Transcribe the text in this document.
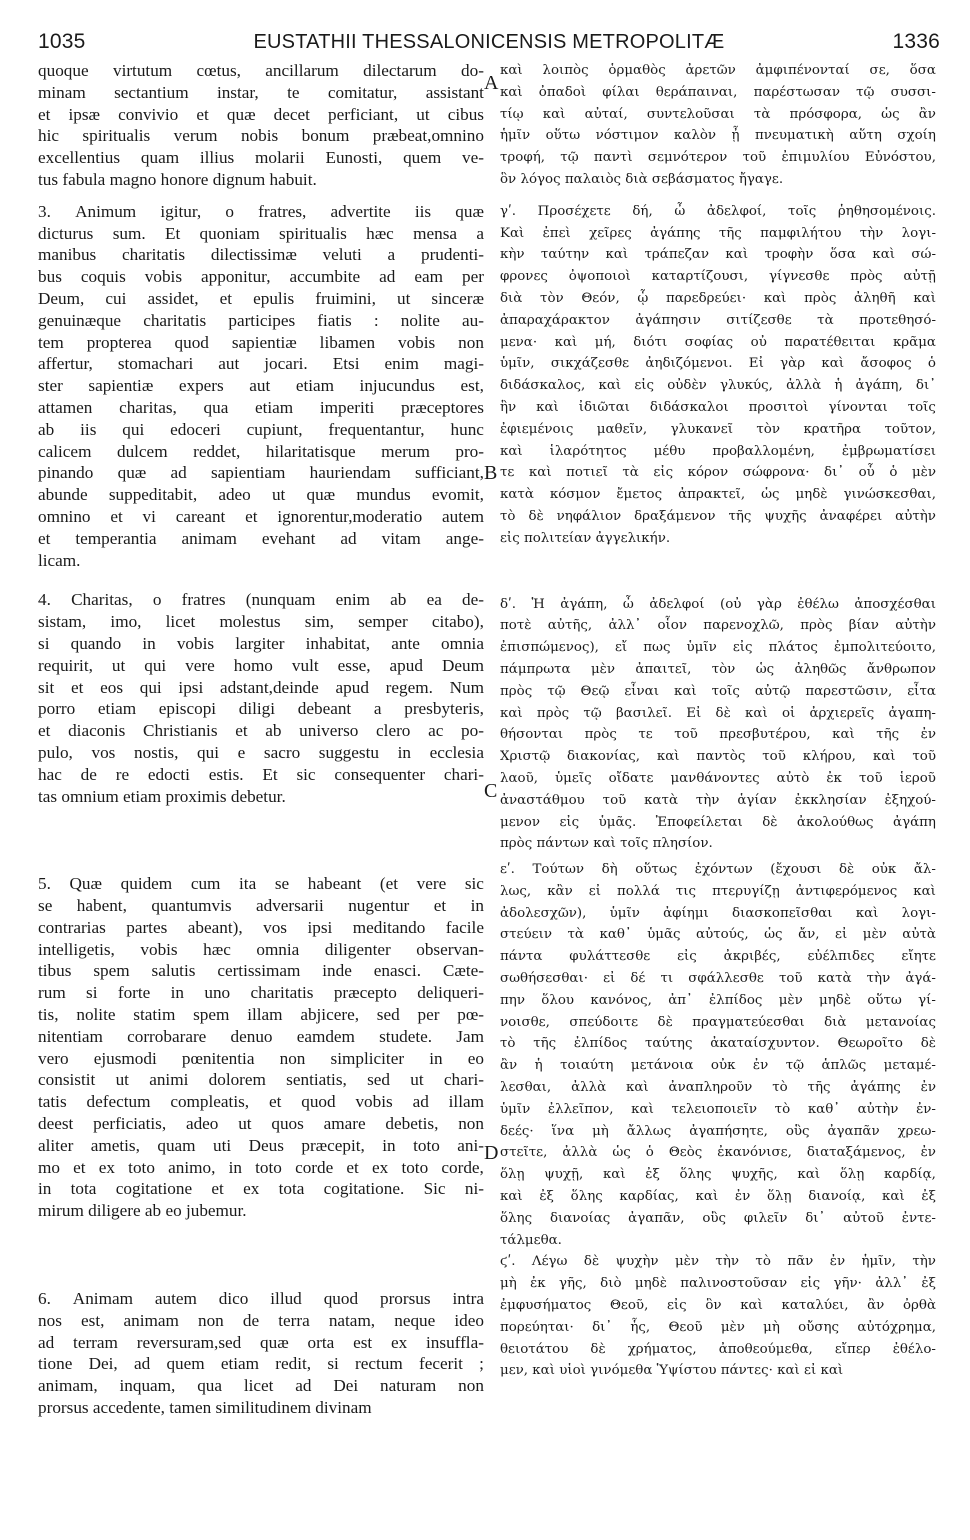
1035	EUSTATHII THESSALONICENSIS METROPOLITÆ	1336
quoque virtutum cœtus, ancillarum dilectarum do-
minam sectantium instar, te comitatur, assistant
et ipsæ convivio et quæ decet perficiant, ut cibus
hic spiritualis verum nobis bonum præbeat,omnino
excellentius quam illius molarii Eunosti, quem ve-
tus fabula magno honore dignum habuit.
3. Animum igitur, o fratres, advertite iis quæ
dicturus sum. Et quoniam spiritualis hæc mensa a
manibus charitatis dilectissimæ veluti a prudenti-
bus coquis vobis apponitur, accumbite ad eam per
Deum, cui assidet, et epulis fruimini, ut sinceræ
genuinæque charitatis participes fiatis : nolite au-
tem propterea quod sapientiæ libamen vobis non
affertur, stomachari aut jocari. Etsi enim magi-
ster sapientiæ expers aut etiam injucundus est,
attamen charitas, qua etiam imperiti præceptores
ab iis qui edoceri cupiunt, frequentantur, hunc
calicem dulcem reddet, hilaritatisque merum pro-
pinando quæ ad sapientiam hauriendam sufficiant,
abunde suppeditabit, adeo ut quæ mundus evomit,
omnino et vi careant et ignorentur,moderatio autem
et temperantia animam evehant ad vitam ange-
licam.
4. Charitas, o fratres (nunquam enim ab ea de-
sistam, imo, licet molestus sim, semper citabo),
si quando in vobis largiter inhabitat, ante omnia
requirit, ut qui vere homo vult esse, apud Deum
sit et eos qui ipsi adstant,deinde apud regem. Num
porro etiam episcopi diligi debeant a presbyteris,
et diaconis Christianis et ab universo clero ac po-
pulo, vos nostis, qui e sacro suggestu in ecclesia
hac de re edocti estis. Et sic consequenter chari-
tas omnium etiam proximis debetur.
5. Quæ quidem cum ita se habeant (et vere sic
se habent, quantumvis adversarii nugentur et in
contrarias partes abeant), vos ipsi meditando facile
intelligetis, vobis hæc omnia diligenter observan-
tibus spem salutis certissimam inde enasci. Cæte-
rum si forte in uno charitatis præcepto deliqueri-
tis, nolite statim spem illam abjicere, sed per pœ-
nitentiam corrobarare denuo eamdem studete. Jam
vero ejusmodi pœnitentia non simpliciter in eo
consistit ut animi dolorem sentiatis, sed ut chari-
tatis defectum compleatis, et quod vobis ad illam
deest perficiatis, adeo ut quos amare debetis, non
aliter ametis, quam uti Deus præcepit, in toto ani-
mo et ex toto animo, in toto corde et ex toto corde,
in tota cogitatione et ex tota cogitatione. Sic ni-
mirum diligere ab eo jubemur.
6. Animam autem dico illud quod prorsus intra
nos est, animam non de terra natam, neque ideo
ad terram reversuram,sed quæ orta est ex insuffla-
tione Dei, ad quem etiam redit, si rectum fecerit ;
animam, inquam, qua licet ad Dei naturam non
prorsus accedente, tamen similitudinem divinam
καὶ λοιπὸς ὁρμαθὸς ἀρετῶν ἀμφιπένονταί σε, ὅσα
καὶ ὀπαδοὶ φίλαι θεράπαιναι, παρέστωσαν τῷ συσσι-
τίῳ καὶ αὐταί, συντελοῦσαι τὰ πρόσφορα, ὡς ἂν
ἡμῖν οὕτω νόστιμον καλὸν ᾖ πνευματικὴ αὕτη σχοίη
τροφή, τῷ παντὶ σεμνότερον τοῦ ἐπιμυλίου Εὐνόστου,
ὃν λόγος παλαιὸς διὰ σεβάσματος ἤγαγε.
γʹ. Προσέχετε δή, ὦ ἀδελφοί, τοῖς ῥηθησομένοις.
Καὶ ἐπεὶ χεῖρες ἀγάπης τῆς παμφιλήτου τὴν λογι-
κὴν ταύτην καὶ τράπεζαν καὶ τροφὴν ὅσα καὶ σώ-
φρονες ὀψοποιοὶ καταρτίζουσι, γίγνεσθε πρὸς αὐτῇ
διὰ τὸν Θεόν, ᾧ παρεδρεύει· καὶ πρὸς ἀληθῆ καὶ
ἀπαραχάρακτον ἀγάπησιν σιτίζεσθε τὰ προτεθησό-
μενα· καὶ μή, διότι σοφίας οὐ παρατέθειται κρᾶμα
ὑμῖν, σικχάζεσθε ἀηδιζόμενοι. Εἰ γὰρ καὶ ἄσοφος ὁ
διδάσκαλος, καὶ εἰς οὐδὲν γλυκύς, ἀλλὰ ἡ ἀγάπη, δι᾽
ἣν καὶ ἰδιῶται διδάσκαλοι προσιτοὶ γίνονται τοῖς
ἐφιεμένοις μαθεῖν, γλυκανεῖ τὸν κρατῆρα τοῦτον,
καὶ ἱλαρότητος μέθυ προβαλλομένη, ἐμβρωματίσει
τε καὶ ποτιεῖ τὰ εἰς κόρον σώφρονα· δι᾽ οὗ ὁ μὲν
κατὰ κόσμον ἔμετος ἀπρακτεῖ, ὡς μηδὲ γινώσκεσθαι,
τὸ δὲ νηφάλιον δραξάμενον τῆς ψυχῆς ἀναφέρει αὐτὴν
εἰς πολιτείαν ἀγγελικήν.
δʹ. Ἡ ἀγάπη, ὦ ἀδελφοί (οὐ γὰρ ἐθέλω ἀποσχέσθαι
ποτὲ αὐτῆς, ἀλλ᾽ οἷον παρενοχλῶ, πρὸς βίαν αὐτὴν
ἐπισπώμενος), εἴ πως ὑμῖν εἰς πλάτος ἐμπολιτεύοιτο,
πάμπρωτα μὲν ἀπαιτεῖ, τὸν ὡς ἀληθῶς ἄνθρωπον
πρὸς τῷ Θεῷ εἶναι καὶ τοῖς αὐτῷ παρεστῶσιν, εἶτα
καὶ πρὸς τῷ βασιλεῖ. Εἰ δὲ καὶ οἱ ἀρχιερεῖς ἀγαπη-
θήσονται πρὸς τε τοῦ πρεσβυτέρου, καὶ τῆς ἐν
Χριστῷ διακονίας, καὶ παντὸς τοῦ κλήρου, καὶ τοῦ
λαοῦ, ὑμεῖς οἴδατε μανθάνοντες αὐτὸ ἐκ τοῦ ἱεροῦ
ἀναστάθμου τοῦ κατὰ τὴν ἁγίαν ἐκκλησίαν ἐξηχού-
μενον εἰς ὑμᾶς. Ἐποφείλεται δὲ ἀκολούθως ἀγάπη
πρὸς πάντων καὶ τοῖς πλησίον.
εʹ. Τούτων δὴ οὕτως ἐχόντων (ἔχουσι δὲ οὐκ ἄλ-
λως, κἂν εἰ πολλά τις πτερυγίζῃ ἀντιφερόμενος καὶ
ἀδολεσχῶν), ὑμῖν ἀφίημι διασκοπεῖσθαι καὶ λογι-
στεύειν τὰ καθ᾽ ὑμᾶς αὐτούς, ὡς ἄν, εἰ μὲν αὐτὰ
πάντα φυλάττεσθε εἰς ἀκριβές, εὐέλπιδες εἴητε
σωθήσεσθαι· εἰ δέ τι σφάλλεσθε τοῦ κατὰ τὴν ἀγά-
πην ὅλου κανόνος, ἀπ᾽ ἐλπίδος μὲν μηδὲ οὕτω γί-
νοισθε, σπεύδοιτε δὲ πραγματεύεσθαι διὰ μετανοίας
τὸ τῆς ἐλπίδος ταύτης ἀκαταίσχυντον. Θεωροῖτο δὲ
ἂν ἡ τοιαύτη μετάνοια οὐκ ἐν τῷ ἁπλῶς μεταμέ-
λεσθαι, ἀλλὰ καὶ ἀναπληροῦν τὸ τῆς ἀγάπης ἐν
ὑμῖν ἐλλεῖπον, καὶ τελειοποιεῖν τὸ καθ᾽ αὐτὴν ἐν-
δεές· ἵνα μὴ ἄλλως ἀγαπήσητε, οὓς ἀγαπᾶν χρεω-
στεῖτε, ἀλλὰ ὡς ὁ Θεὸς ἐκανόνισε, διαταξάμενος, ἐν
ὅλῃ ψυχῇ, καὶ ἐξ ὅλης ψυχῆς, καὶ ὅλῃ καρδίᾳ,
καὶ ἐξ ὅλης καρδίας, καὶ ἐν ὅλῃ διανοίᾳ, καὶ ἐξ
ὅλης διανοίας ἀγαπᾶν, οὓς φιλεῖν δι᾽ αὐτοῦ ἐντε-
τάλμεθα.
ϛʹ. Λέγω δὲ ψυχὴν μὲν τὴν τὸ πᾶν ἐν ἡμῖν, τὴν
μὴ ἐκ γῆς, διὸ μηδὲ παλινοστοῦσαν εἰς γῆν· ἀλλ᾽ ἐξ
ἐμφυσήματος Θεοῦ, εἰς ὃν καὶ καταλύει, ἂν ὀρθὰ
πορεύηται· δι᾽ ἧς, Θεοῦ μὲν μὴ οὔσης αὐτόχρημα,
θειοτάτου δὲ χρήματος, ἀποθεούμεθα, εἴπερ ἐθέλο-
μεν, καὶ υἱοὶ γινόμεθα Ὑψίστου πάντες· καὶ εἰ καὶ
A
B
C
D
